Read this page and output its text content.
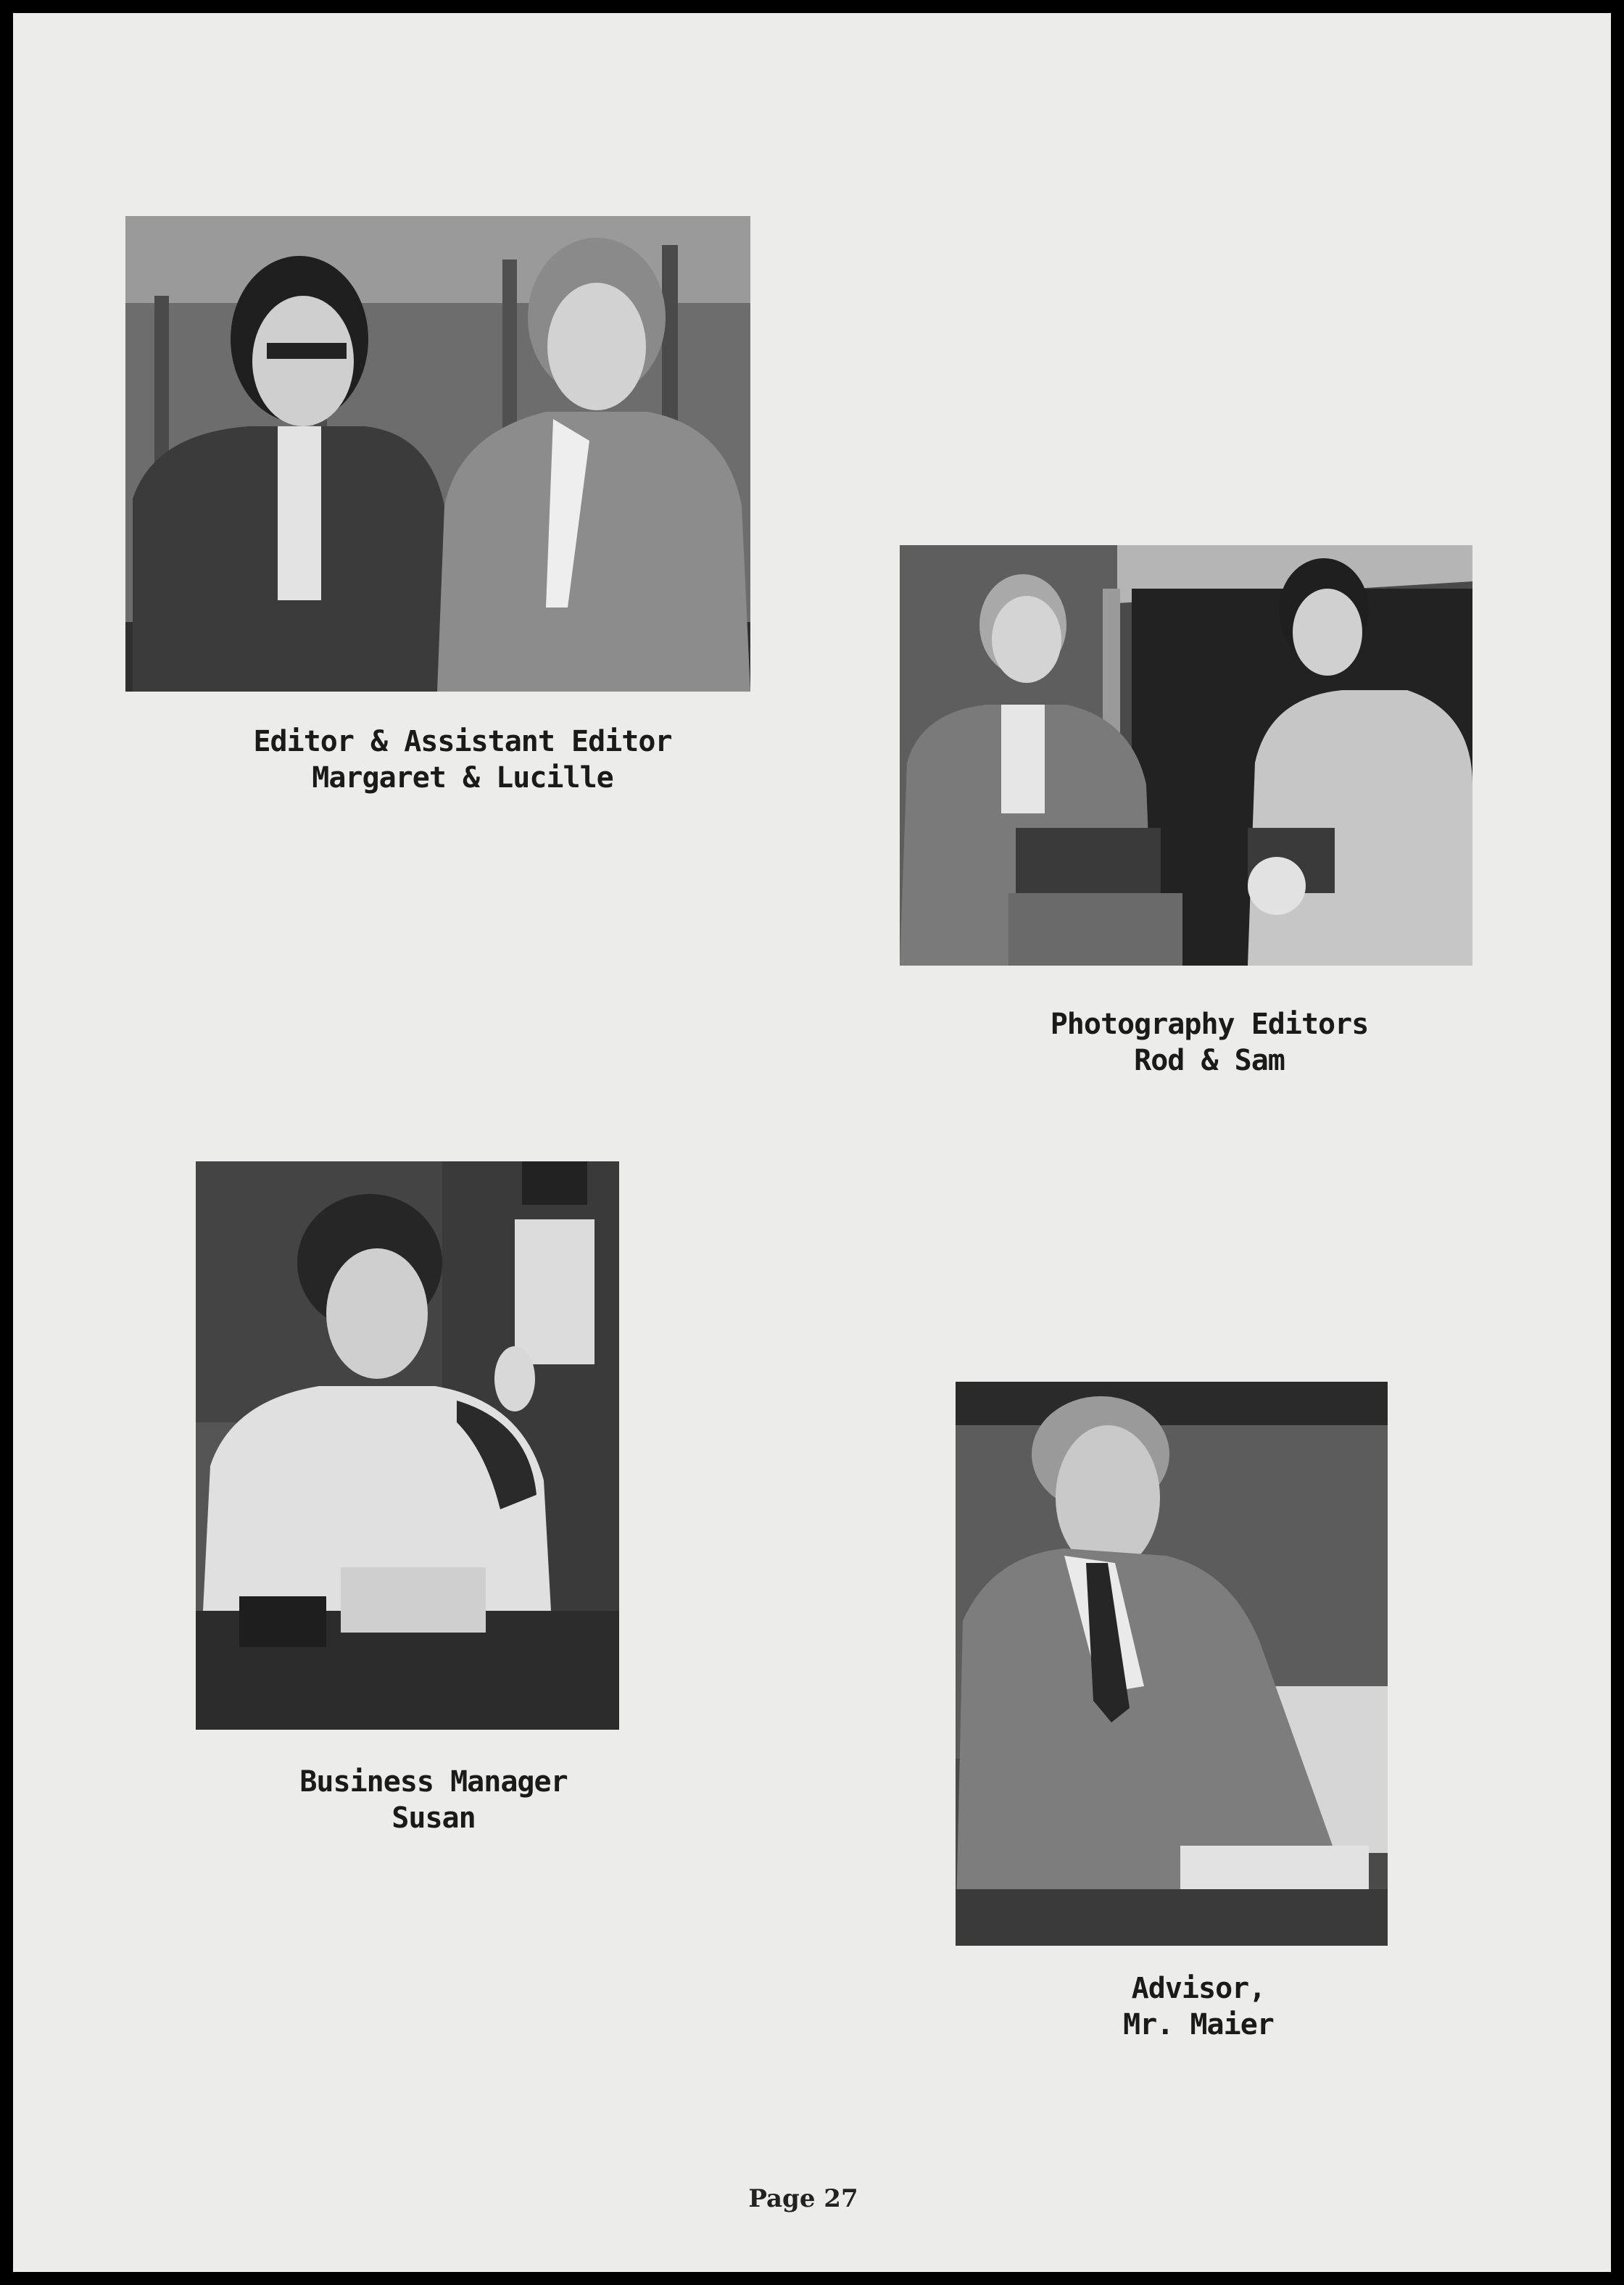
Editor & Assistant Editor
Margaret & Lucille
Photography Editors
Rod & Sam
Business Manager
Susan
Advisor,
Mr. Maier
Page 27
